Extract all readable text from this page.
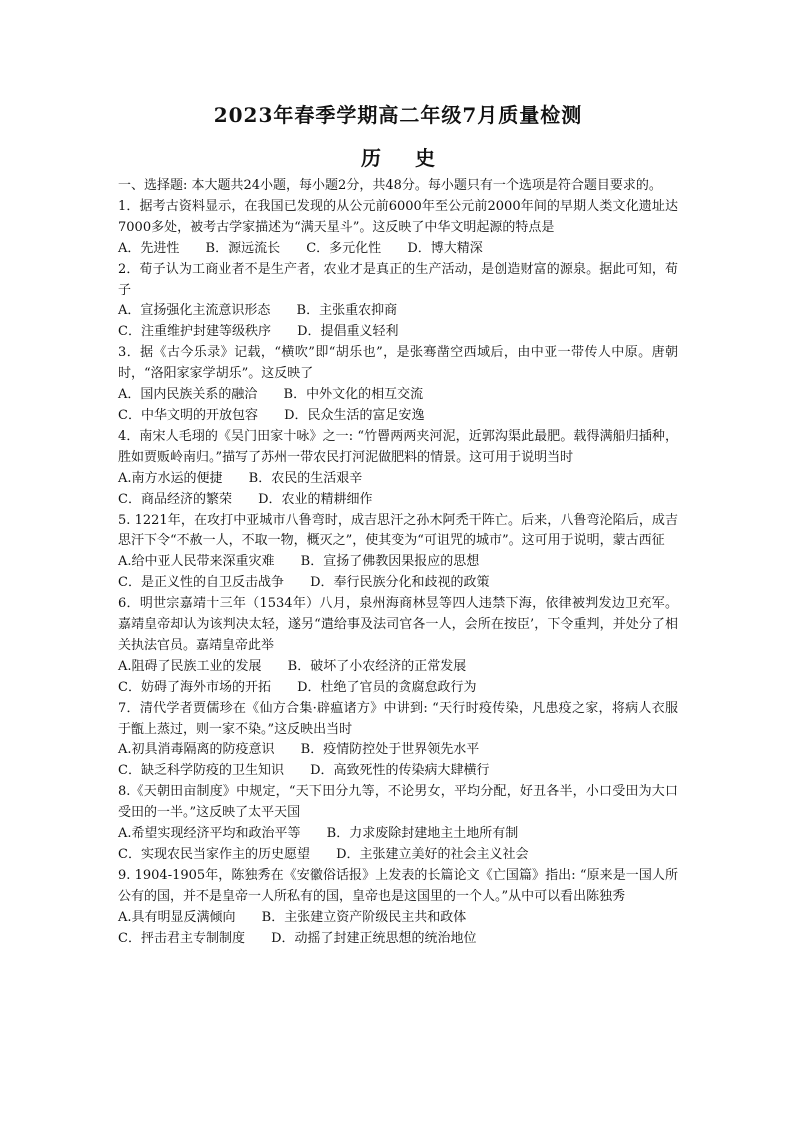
2023年春季学期高二年级7月质量检测
历 史

一、选择题: 本大题共24小题，每小题2分，共48分。每小题只有一个选项是符合题目要求的。

1．据考古资料显示，在我国已发现的从公元前6000年至公元前2000年间的早期人类文化遗址达7000多处，被考古学家描述为“满天星斗”。这反映了中华文明起源的特点是

A．先进性 B．源远流长 C．多元化性 D．博大精深

2．荀子认为工商业者不是生产者，农业才是真正的生产活动，是创造财富的源泉。据此可知，荀子

A．宣扬强化主流意识形态 B．主张重农抑商
C．注重维护封建等级秩序 D．提倡重义轻利

3．据《古今乐录》记载，“横吹”即“胡乐也”，是张骞凿空西域后，由中亚一带传人中原。唐朝时，“洛阳家家学胡乐”。这反映了

A．国内民族关系的融洽 B．中外文化的相互交流
C．中华文明的开放包容 D．民众生活的富足安逸

4．南宋人毛珝的《吴门田家十咏》之一: “竹罾两两夹河泥，近郭沟渠此最肥。载得满船归插种，胜如贾贩岭南归。”描写了苏州一带农民打河泥做肥料的情景。这可用于说明当时

A.南方水运的便捷 B．农民的生活艰辛
C．商品经济的繁荣 D．农业的精耕细作

5. 1221年，在攻打中亚城市八鲁弯时，成吉思汗之孙木阿禿干阵亡。后来，八鲁弯沦陷后，成吉思汗下令“不赦一人，不取一物，概灭之”，使其变为“可诅咒的城市”。这可用于说明，蒙古西征

A.给中亚人民带来深重灾难 B．宣扬了佛教因果报应的思想
C．是正义性的自卫反击战争 D．奉行民族分化和歧视的政策

6．明世宗嘉靖十三年（1534年）八月，泉州海商林昱等四人违禁下海，依律被判发边卫充军。嘉靖皇帝却认为该判决太轻，遂另“遣给事及法司官各一人，会所在按臣’，下令重判，并处分了相关执法官员。嘉靖皇帝此举

A.阻碍了民族工业的发展 B．破坏了小农经济的正常发展
C．妨碍了海外市场的开拓 D．杜绝了官员的贪腐怠政行为

7．清代学者贾儒珍在《仙方合集·辟瘟诸方》中讲到: “天行时疫传染，凡患疫之家，将病人衣服于甑上蒸过，则一家不染。”这反映出当时

A.初具消毒隔离的防疫意识 B．疫情防控处于世界领先水平
C．缺乏科学防疫的卫生知识 D．高致死性的传染病大肆横行

8.《天朝田亩制度》中规定，“天下田分九等，不论男女，平均分配，好丑各半，小口受田为大口受田的一半。”这反映了太平天国

A.希望实现经济平均和政治平等 B．力求废除封建地主土地所有制
C．实现农民当家作主的历史愿望 D．主张建立美好的社会主义社会

9. 1904-1905年，陈独秀在《安徽俗话报》上发表的长篇论文《亡国篇》指出: “原来是一国人所公有的国，并不是皇帝一人所私有的国，皇帝也是这国里的一个人。”从中可以看出陈独秀

A.具有明显反满倾向 B．主张建立资产阶级民主共和政体
C．抨击君主专制制度 D．动摇了封建正统思想的统治地位
